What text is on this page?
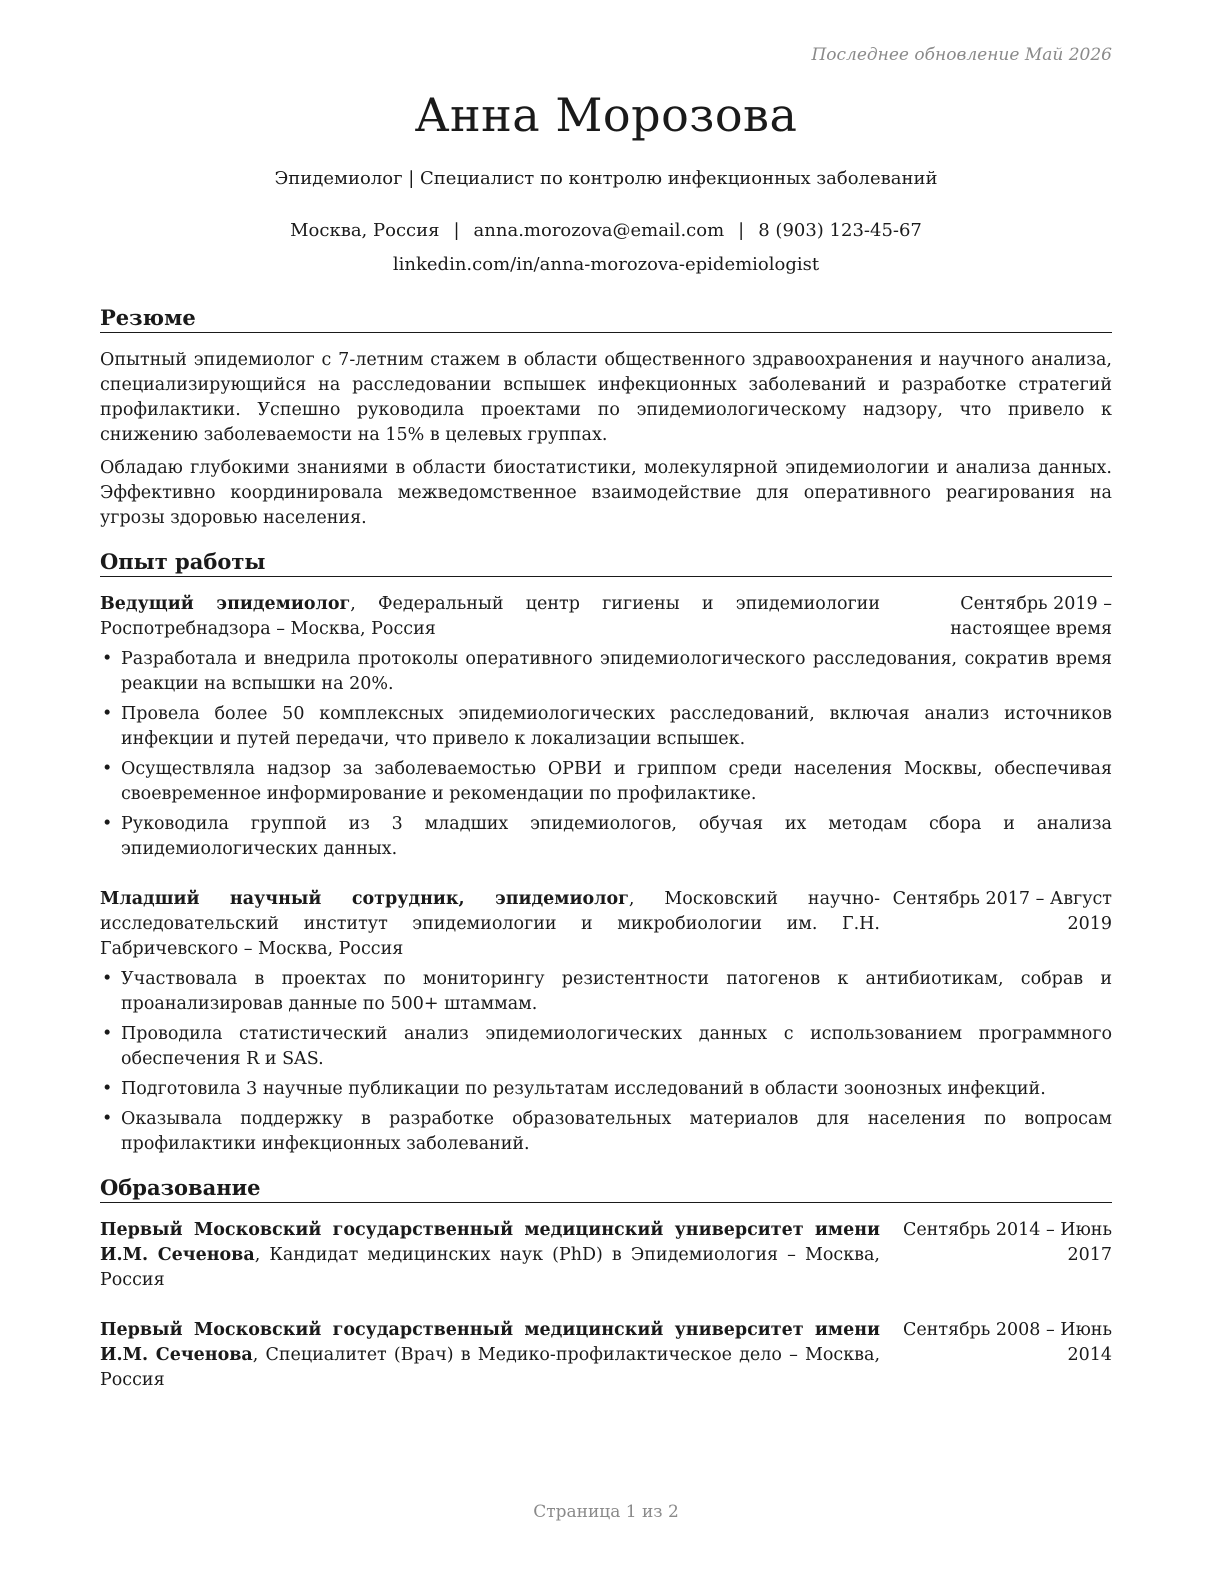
Последнее обновление Май 2026
Анна Морозова
Эпидемиолог | Специалист по контролю инфекционных заболеваний
Москва, Россия | anna.morozova@email.com | 8 (903) 123-45-67
linkedin.com/in/anna-morozova-epidemiologist
Резюме

Опытный эпидемиолог с 7-летним стажем в области общественного здравоохранения и научного анализа, специализирующийся на расследовании вспышек инфекционных заболеваний и разработке стратегий профилактики. Успешно руководила проектами по эпидемиологическому надзору, что привело к снижению заболеваемости на 15% в целевых группах.

Обладаю глубокими знаниями в области биостатистики, молекулярной эпидемиологии и анализа данных. Эффективно координировала межведомственное взаимодействие для оперативного реагирования на угрозы здоровью населения.

Опыт работы
Ведущий эпидемиолог, Федеральный центр гигиены и эпидемиологии Роспотребнадзора – Москва, Россия
Сентябрь 2019 – настоящее время
• Разработала и внедрила протоколы оперативного эпидемиологического расследования, сократив время реакции на вспышки на 20%.
• Провела более 50 комплексных эпидемиологических расследований, включая анализ источников инфекции и путей передачи, что привело к локализации вспышек.
• Осуществляла надзор за заболеваемостью ОРВИ и гриппом среди населения Москвы, обеспечивая своевременное информирование и рекомендации по профилактике.
• Руководила группой из 3 младших эпидемиологов, обучая их методам сбора и анализа эпидемиологических данных.
Младший научный сотрудник, эпидемиолог, Московский научно-исследовательский институт эпидемиологии и микробиологии им. Г.Н. Габричевского – Москва, Россия
Сентябрь 2017 – Август 2019
• Участвовала в проектах по мониторингу резистентности патогенов к антибиотикам, собрав и проанализировав данные по 500+ штаммам.
• Проводила статистический анализ эпидемиологических данных с использованием программного обеспечения R и SAS.
• Подготовила 3 научные публикации по результатам исследований в области зоонозных инфекций.
• Оказывала поддержку в разработке образовательных материалов для населения по вопросам профилактики инфекционных заболеваний.
Образование
Первый Московский государственный медицинский университет имени И.М. Сеченова, Кандидат медицинских наук (PhD) в Эпидемиология – Москва, Россия
Сентябрь 2014 – Июнь 2017
Первый Московский государственный медицинский университет имени И.М. Сеченова, Специалитет (Врач) в Медико-профилактическое дело – Москва, Россия
Сентябрь 2008 – Июнь 2014
Страница 1 из 2
